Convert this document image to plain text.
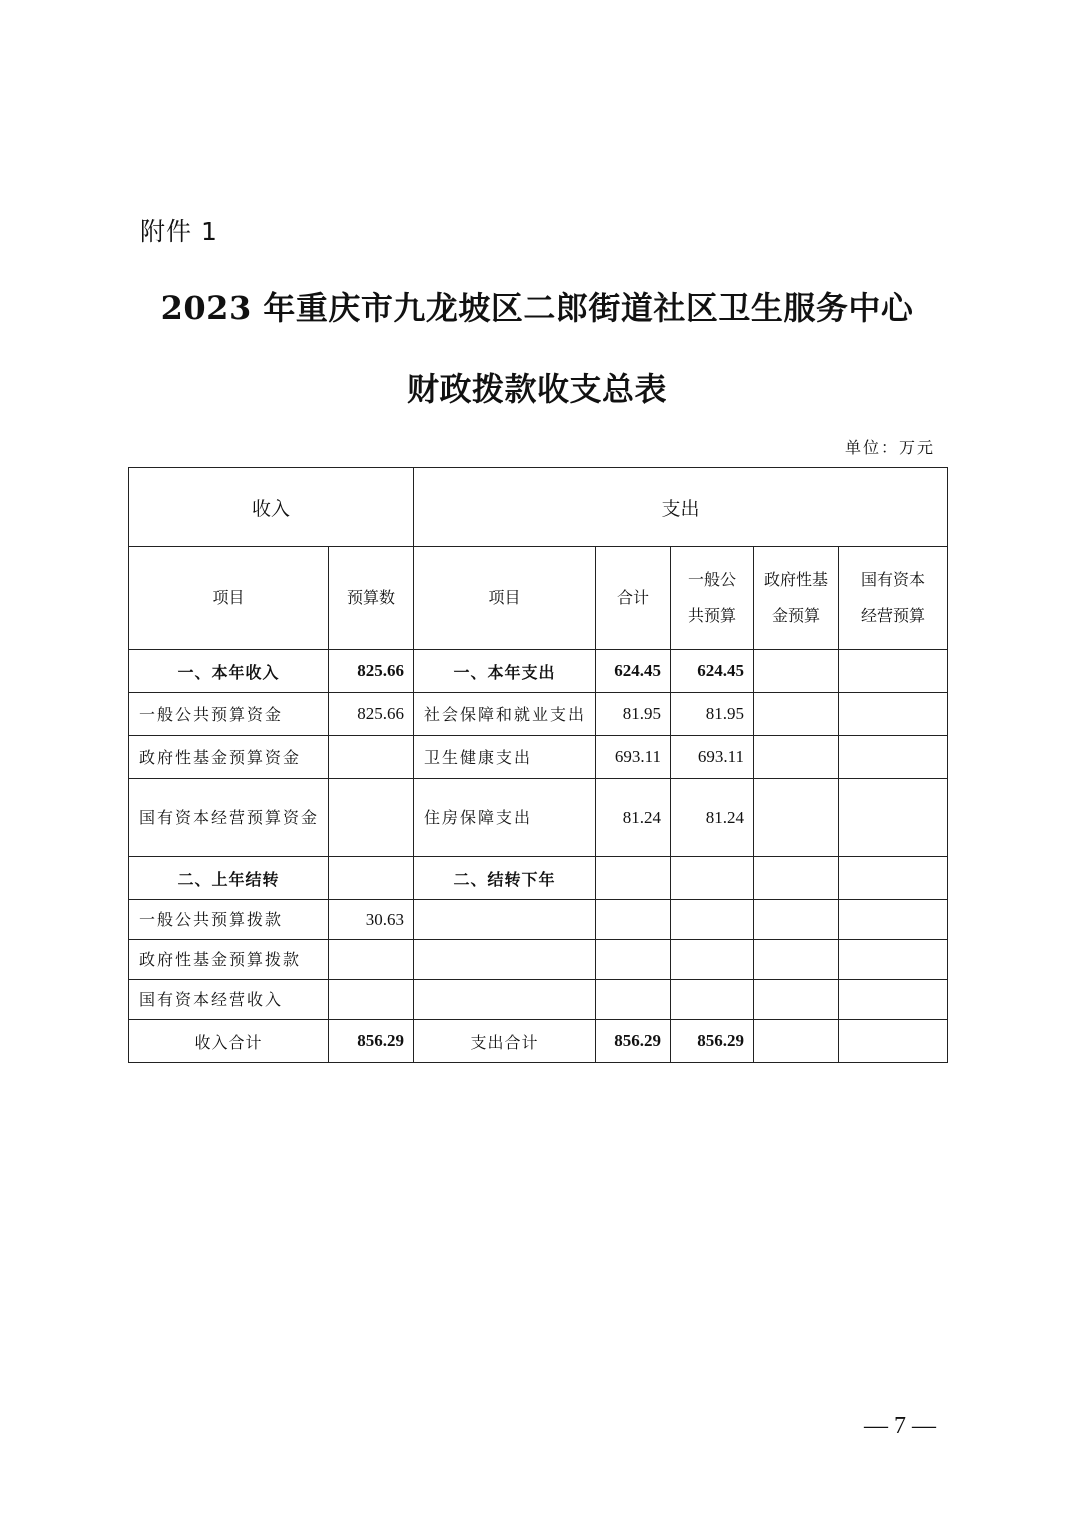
附件 1
2023 年重庆市九龙坡区二郎街道社区卫生服务中心
财政拨款收支总表
单位：万元
收入		支出				
项目	预算数	项目	合计	一般公共预算	政府性基金预算	国有资本经营预算
一、本年收入	825.66	一、本年支出	624.45	624.45		
一般公共预算资金	825.66	社会保障和就业支出	81.95	81.95		
政府性基金预算资金		卫生健康支出	693.11	693.11		
国有资本经营预算资金		住房保障支出	81.24	81.24		
二、上年结转		二、结转下年				
一般公共预算拨款	30.63					
政府性基金预算拨款						
国有资本经营收入						
收入合计	856.29	支出合计	856.29	856.29		
— 7 —
